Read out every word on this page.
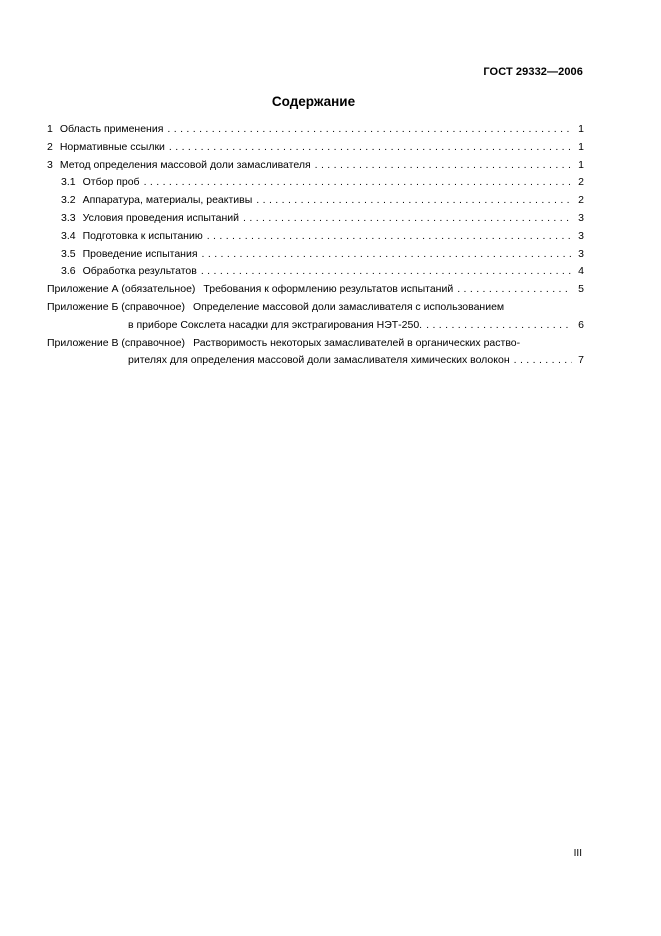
ГОСТ 29332—2006
Содержание
1 Область применения . . .	1
2 Нормативные ссылки . . .	1
3 Метод определения массовой доли замасливателя . . .	1
3.1 Отбор проб . . .	2
3.2 Аппаратура, материалы, реактивы . . .	2
3.3 Условия проведения испытаний . . .	3
3.4 Подготовка к испытанию . . .	3
3.5 Проведение испытания . . .	3
3.6 Обработка результатов . . .	4
Приложение А (обязательное) Требования к оформлению результатов испытаний . . .	5
Приложение Б (справочное) Определение массовой доли замасливателя с использованием
в приборе Сокслета насадки для экстрагирования НЭТ-250. . . .	6
Приложение В (справочное) Растворимость некоторых замасливателей в органических раство-
рителях для определения массовой доли замасливателя химических волокон . . .	7
III
